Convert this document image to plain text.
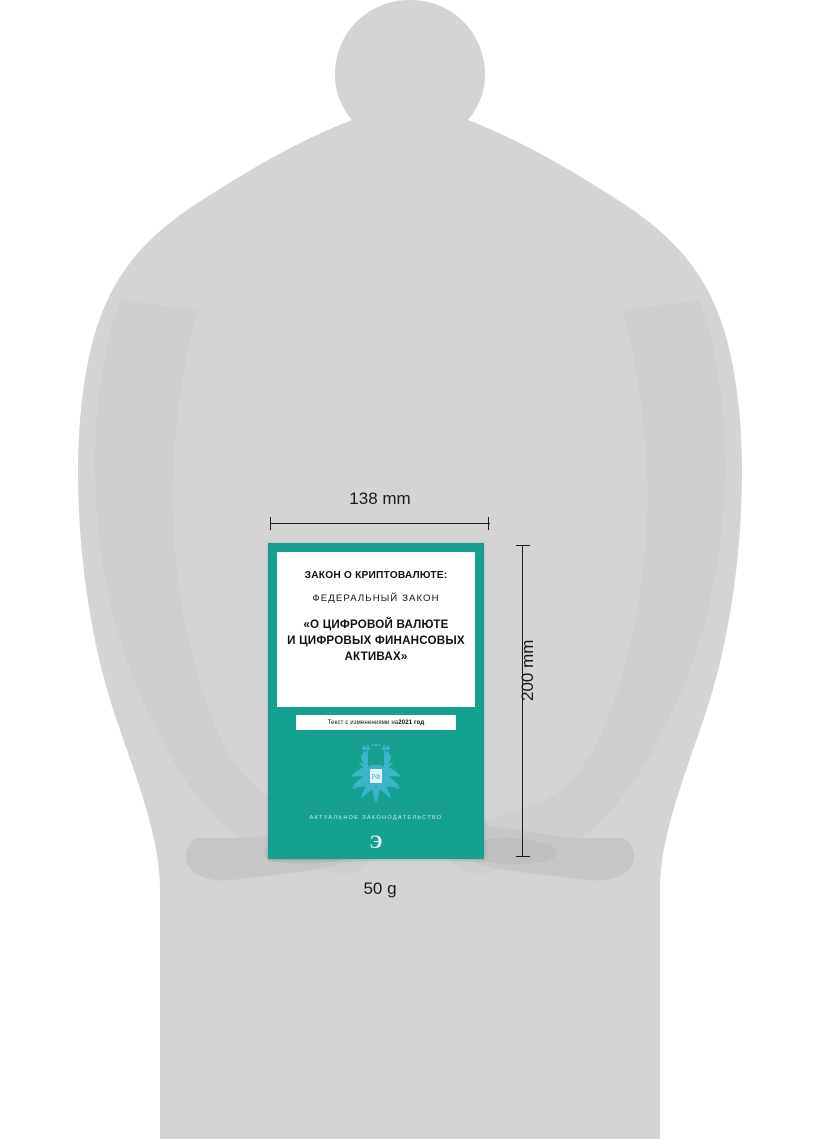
138 mm
ЗАКОН О КРИПТОВАЛЮТЕ:
ФЕДЕРАЛЬНЫЙ ЗАКОН
«О ЦИФРОВОЙ ВАЛЮТЕ
И ЦИФРОВЫХ ФИНАНСОВЫХ
АКТИВАХ»
Текст с изменениями на 2021 год
РФ
АКТУАЛЬНОЕ ЗАКОНОДАТЕЛЬСТВО
Э
200 mm
50 g
